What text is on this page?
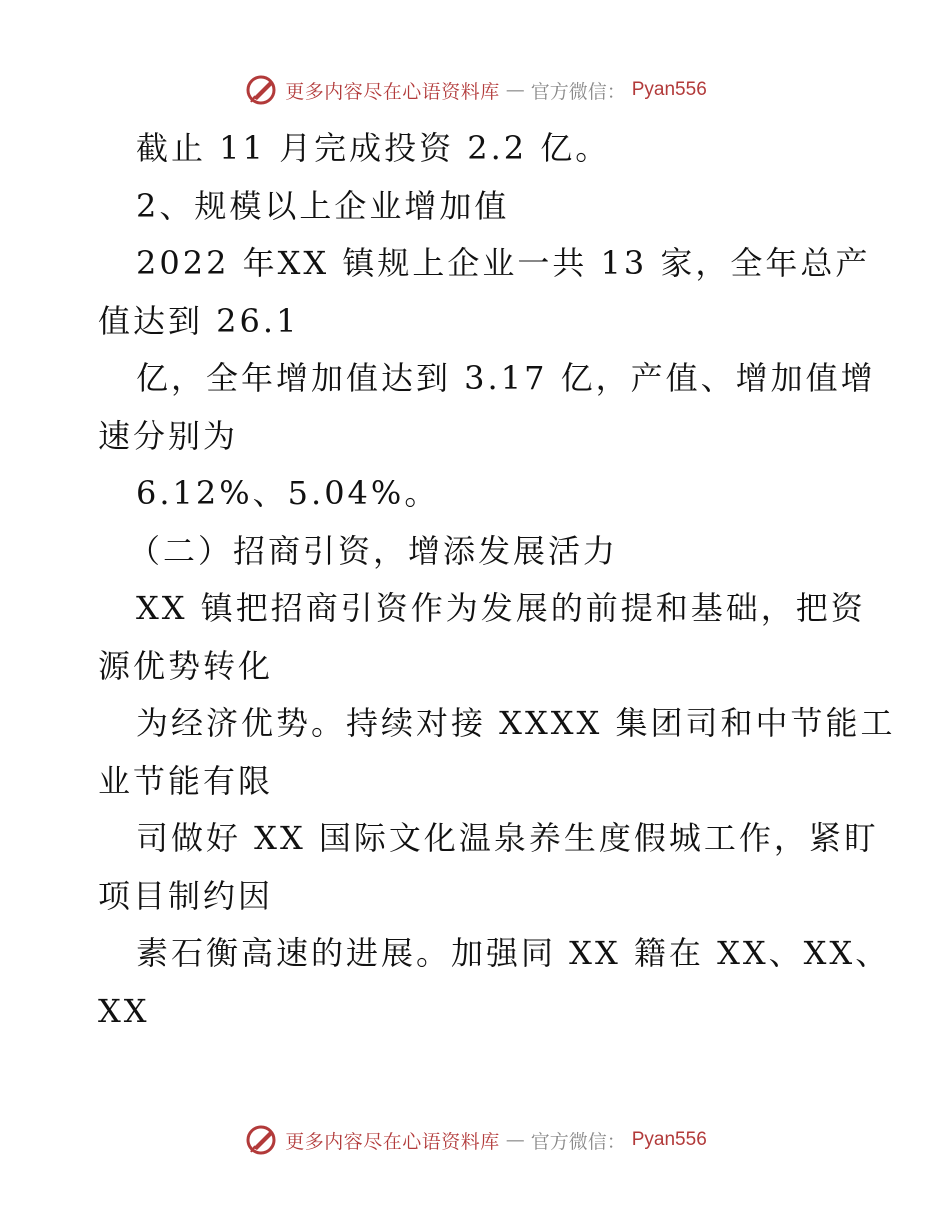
更多内容尽在心语资料库 — 官方微信： Pyan556
截止 11 月完成投资 2.2 亿。
2、规模以上企业增加值
2022 年XX 镇规上企业一共 13 家，全年总产
值达到 26.1
亿，全年增加值达到 3.17 亿，产值、增加值增
速分别为
6.12%、5.04%。
（二）招商引资，增添发展活力
XX 镇把招商引资作为发展的前提和基础，把资
源优势转化
为经济优势。持续对接 XXXX 集团司和中节能工
业节能有限
司做好 XX 国际文化温泉养生度假城工作，紧盯
项目制约因
素石衡高速的进展。加强同 XX 籍在 XX、XX、
XX
更多内容尽在心语资料库 — 官方微信： Pyan556
